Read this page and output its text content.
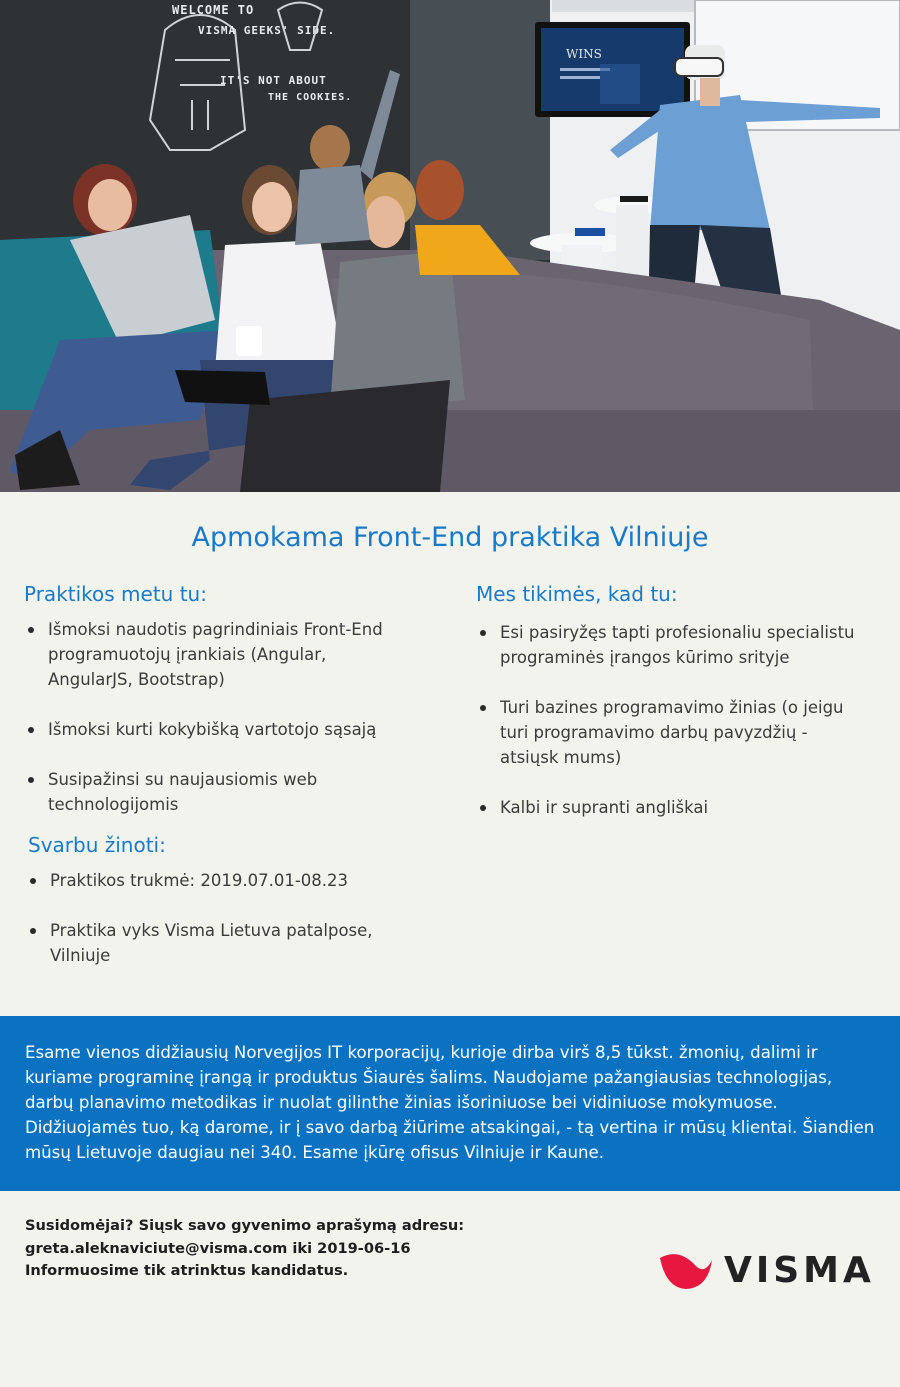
WELCOME TO
VISMA GEEKS' SIDE.
IT'S NOT ABOUT
THE COOKIES.
WINS
Apmokama Front-End praktika Vilniuje
Praktikos metu tu:
Išmoksi naudotis pagrindiniais Front-End programuotojų įrankiais (Angular, AngularJS, Bootstrap)
Išmoksi kurti kokybišką vartotojo sąsają
Susipažinsi su naujausiomis web technologijomis
Svarbu žinoti:
Praktikos trukmė: 2019.07.01-08.23
Praktika vyks Visma Lietuva patalpose, Vilniuje
Mes tikimės, kad tu:
Esi pasiryžęs tapti profesionaliu specialistu programinės įrangos kūrimo srityje
Turi bazines programavimo žinias (o jeigu turi programavimo darbų pavyzdžių - atsiųsk mums)
Kalbi ir supranti angliškai

Esame vienos didžiausių Norvegijos IT korporacijų, kurioje dirba virš 8,5 tūkst. žmonių, dalimi ir kuriame programinę įrangą ir produktus Šiaurės šalims. Naudojame pažangiausias technologijas, darbų planavimo metodikas ir nuolat gilinthe žinias išoriniuose bei vidiniuose mokymuose. Didžiuojamės tuo, ką darome, ir į savo darbą žiūrime atsakingai, - tą vertina ir mūsų klientai. Šiandien mūsų Lietuvoje daugiau nei 340. Esame įkūrę ofisus Vilniuje ir Kaune.

Susidomėjai? Siųsk savo gyvenimo aprašymą adresu:
greta.aleknaviciute@visma.com iki 2019-06-16
Informuosime tik atrinktus kandidatus.	VISMA
